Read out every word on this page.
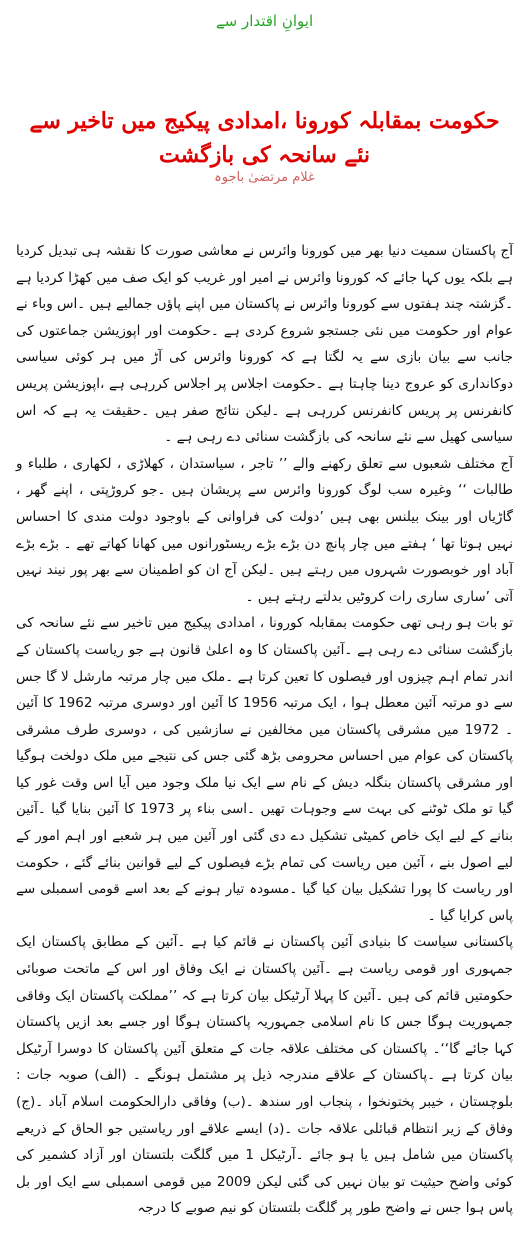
ایوانِ اقتدار سے
حکومت بمقابلہ کورونا ،امدادی پیکیج میں تاخیر سے نئے سانحہ کی بازگشت
غلام مرتضیٰ باجوہ

آج پاکستان سمیت دنیا بھر میں کورونا وائرس نے معاشی صورت کا نقشہ ہی تبدیل کردیا ہے بلکہ یوں کہا جائے کہ کورونا وائرس نے امیر اور غریب کو ایک صف میں کھڑا کردیا ہے ۔گزشتہ چند ہفتوں سے کورونا وائرس نے پاکستان میں اپنے پاؤں جمالیے ہیں ۔اس وباء نے عوام اور حکومت میں نئی جستجو شروع کردی ہے ۔حکومت اور اپوزیشن جماعتوں کی جانب سے بیان بازی سے یہ لگتا ہے کہ کورونا وائرس کی آڑ میں ہر کوئی سیاسی دوکانداری کو عروج دینا چاہتا ہے ۔حکومت اجلاس پر اجلاس کررہی ہے ،اپوزیشن پریس کانفرنس پر پریس کانفرنس کررہی ہے ۔لیکن نتائج صفر ہیں ۔حقیقت یہ ہے کہ اس سیاسی کھیل سے نئے سانحہ کی بازگشت سنائی دے رہی ہے ۔

آج مختلف شعبوں سے تعلق رکھنے والے ’’ تاجر ، سیاستدان ، کھلاڑی ، لکھاری ، طلباء و طالبات ‘‘ وغیرہ سب لوگ کورونا وائرس سے پریشان ہیں ۔جو کروڑپتی ، اپنے گھر ، گاڑیاں اور بینک بیلنس بھی ہیں ’دولت کی فراوانی کے باوجود دولت مندی کا احساس نہیں ہوتا تھا ‘ ہفتے میں چار پانچ دن بڑے بڑے ریسٹورانوں میں کھانا کھاتے تھے ۔ بڑے بڑے آباد اور خوبصورت شہروں میں رہتے ہیں ۔لیکن آج ان کو اطمینان سے بھر پور نیند نہیں آتی ’ساری ساری رات کروٹیں بدلتے رہتے ہیں ۔

تو بات ہو رہی تھی حکومت بمقابلہ کورونا ، امدادی پیکیج میں تاخیر سے نئے سانحہ کی بازگشت سنائی دے رہی ہے ۔آئین پاکستان کا وہ اعلیٰ قانون ہے جو ریاست پاکستان کے اندر تمام اہم چیزوں اور فیصلوں کا تعین کرتا ہے ۔ملک میں چار مرتبہ مارشل لا گا جس سے دو مرتبہ آئین معطل ہوا ، ایک مرتبہ 1956 کا آئین اور دوسری مرتبہ 1962 کا آئین ۔ 1972 میں مشرقی پاکستان میں مخالفین نے سازشیں کی ، دوسری طرف مشرقی پاکستان کی عوام میں احساس محرومی بڑھ گئی جس کی نتیجے میں ملک دولخت ہوگیا اور مشرقی پاکستان بنگلہ دیش کے نام سے ایک نیا ملک وجود میں آیا اس وقت غور کیا گیا تو ملک ٹوٹنے کی بہت سے وجوہات تھیں ۔اسی بناء پر 1973 کا آئین بنایا گیا ۔آئین بنانے کے لیے ایک خاص کمیٹی تشکیل دے دی گئی اور آئین میں ہر شعبے اور اہم امور کے لیے اصول بنے ، آئین میں ریاست کی تمام بڑے فیصلوں کے لیے قوانین بنائے گئے ، حکومت اور ریاست کا پورا تشکیل بیان کیا گیا ۔مسودہ تیار ہونے کے بعد اسے قومی اسمبلی سے پاس کرایا گیا ۔

پاکستانی سیاست کا بنیادی آئین پاکستان نے قائم کیا ہے ۔آئین کے مطابق پاکستان ایک جمہوری اور قومی ریاست ہے ۔آئین پاکستان نے ایک وفاق اور اس کے ماتحت صوبائی حکومتیں قائم کی ہیں ۔آئین کا پہلا آرٹیکل بیان کرتا ہے کہ ’’مملکت پاکستان ایک وفاقی جمہوریت ہوگا جس کا نام اسلامی جمہوریہ پاکستان ہوگا اور جسے بعد ازیں پاکستان کہا جائے گا‘‘۔ پاکستان کی مختلف علاقہ جات کے متعلق آئین پاکستان کا دوسرا آرٹیکل بیان کرتا ہے ۔پاکستان کے علاقے مندرجہ ذیل پر مشتمل ہونگے ۔ (الف) صوبہ جات : بلوچستان ، خیبر پختونخوا ، پنجاب اور سندھ ۔(ب) وفاقی دارالحکومت اسلام آباد ۔(ج) وفاق کے زیر انتظام قبائلی علاقہ جات ۔(د) ایسے علاقے اور ریاستیں جو الحاق کے ذریعے پاکستان میں شامل ہیں یا ہو جائے ۔آرٹیکل 1 میں گلگت بلتستان اور آزاد کشمیر کی کوئی واضح حیثیت تو بیان نہیں کی گئی لیکن 2009 میں قومی اسمبلی سے ایک اور بل پاس ہوا جس نے واضح طور پر گلگت بلتستان کو نیم صوبے کا درجہ
